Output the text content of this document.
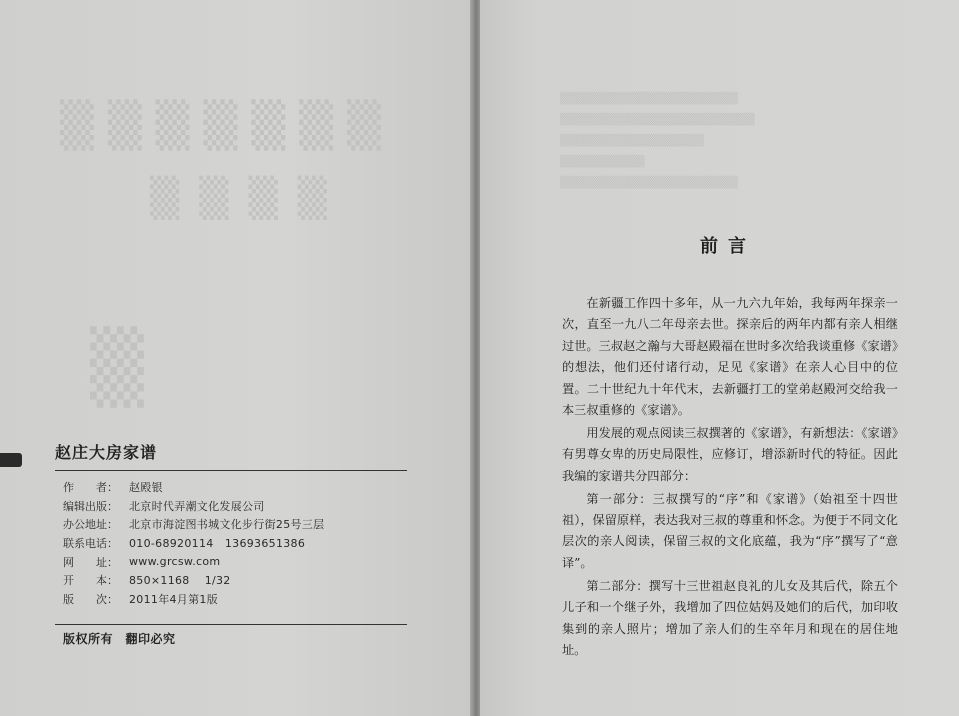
▒▒▒▒▒▒▒
▒▒▒▒
▒
赵庄大房家谱
作　　者：	赵殿银
编辑出版：	北京时代弄潮文化发展公司
办公地址：	北京市海淀图书城文化步行街25号三层
联系电话：	010-68920114　13693651386
网　　址：	www.grcsw.com
开　　本：	850×1168　 1/32
版　　次：	2011年4月第1版
版权所有　翻印必究
▒▒▒▒▒▒▒▒▒▒▒▒▒▒▒▒▒▒▒▒▒
▒▒▒▒▒▒▒▒▒▒▒▒▒▒▒▒▒▒▒▒▒▒▒
▒▒▒▒▒▒▒▒▒▒▒▒▒▒▒▒▒
▒▒▒▒▒▒▒▒▒▒
▒▒▒▒▒▒▒▒▒▒▒▒▒▒▒▒▒▒▒▒▒
前言

在新疆工作四十多年，从一九六九年始，我每两年探亲一次，直至一九八二年母亲去世。探亲后的两年内都有亲人相继过世。三叔赵之瀚与大哥赵殿福在世时多次给我谈重修《家谱》的想法，他们还付诸行动，足见《家谱》在亲人心目中的位置。二十世纪九十年代末，去新疆打工的堂弟赵殿河交给我一本三叔重修的《家谱》。

用发展的观点阅读三叔撰著的《家谱》，有新想法：《家谱》有男尊女卑的历史局限性，应修订，增添新时代的特征。因此我编的家谱共分四部分：

第一部分：三叔撰写的“序”和《家谱》（始祖至十四世祖），保留原样，表达我对三叔的尊重和怀念。为便于不同文化层次的亲人阅读，保留三叔的文化底蕴，我为“序”撰写了“意译”。

第二部分：撰写十三世祖赵良礼的儿女及其后代，除五个儿子和一个继子外，我增加了四位姑妈及她们的后代，加印收集到的亲人照片；增加了亲人们的生卒年月和现在的居住地址。
